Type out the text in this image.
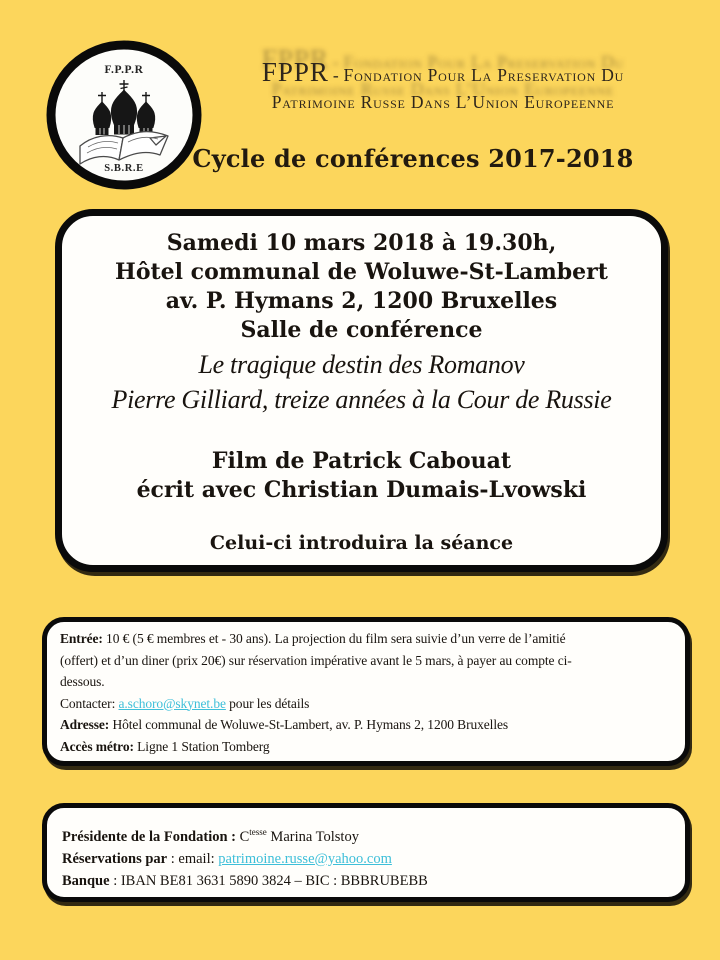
F.P.P.R
S.B.R.E
FPPR - Fondation Pour La Preservation Du
Patrimoine Russe Dans L’Union Europeenne
Cycle de conférences 2017-2018
Samedi 10 mars 2018 à 19.30h,
Hôtel communal de Woluwe-St-Lambert
av. P. Hymans 2, 1200 Bruxelles
Salle de conférence
Le tragique destin des Romanov
Pierre Gilliard, treize années à la Cour de Russie
Film de Patrick Cabouat
écrit avec Christian Dumais-Lvowski
Celui-ci introduira la séance
Entrée: 10 € (5 € membres et - 30 ans). La projection du film sera suivie d’un verre de l’amitié
(offert) et d’un diner (prix 20€) sur réservation impérative avant le 5 mars, à payer au compte ci-
dessous.
Contacter: a.schoro@skynet.be pour les détails
Adresse: Hôtel communal de Woluwe-St-Lambert, av. P. Hymans 2, 1200 Bruxelles
Accès métro: Ligne 1 Station Tomberg
Présidente de la Fondation : $C^{tesse}$ Marina Tolstoy
Réservations par : email: patrimoine.russe@yahoo.com
Banque : IBAN BE81 3631 5890 3824 – BIC : BBBRUBEBB
